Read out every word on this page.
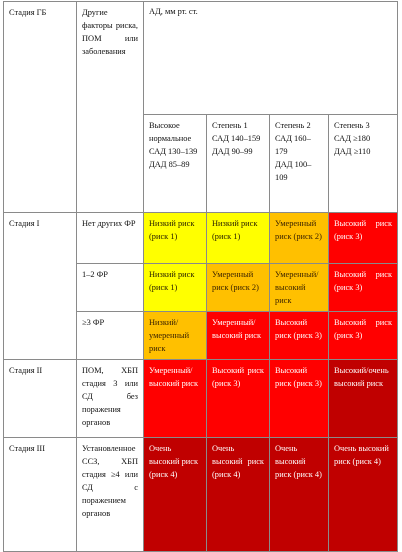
Стадия ГБ	Другие факторы риска, ПОМ или заболевания	АД, мм рт. ст.			

		Высокое нормальное
САД 130–139
ДАД 85–89	Степень 1
САД 140–159
ДАД 90–99	Степень 2
САД 160–179
ДАД 100–109	Степень 3
САД ≥180
ДАД ≥110

Стадия I	Нет других ФР	Низкий риск (риск 1)	Низкий риск (риск 1)	Умеренный риск (риск 2)	Высокий риск (риск 3)
	1–2 ФР	Низкий риск (риск 1)	Умеренный риск (риск 2)	Умеренный/высокий риск	Высокий риск (риск 3)
	≥3 ФР	Низкий/умеренный риск	Умеренный/высокий риск	Высокий риск (риск 3)	Высокий риск (риск 3)
Стадия II	ПОМ, ХБП стадия 3 или СД без поражения органов	Умеренный/высокий риск	Высокий риск (риск 3)	Высокий риск (риск 3)	Высокий/очень высокий риск
Стадия III	Установленное ССЗ, ХБП стадия ≥4 или СД с поражением органов	Очень высокий риск (риск 4)	Очень высокий риск (риск 4)	Очень высокий риск (риск 4)	Очень высокий риск (риск 4)
